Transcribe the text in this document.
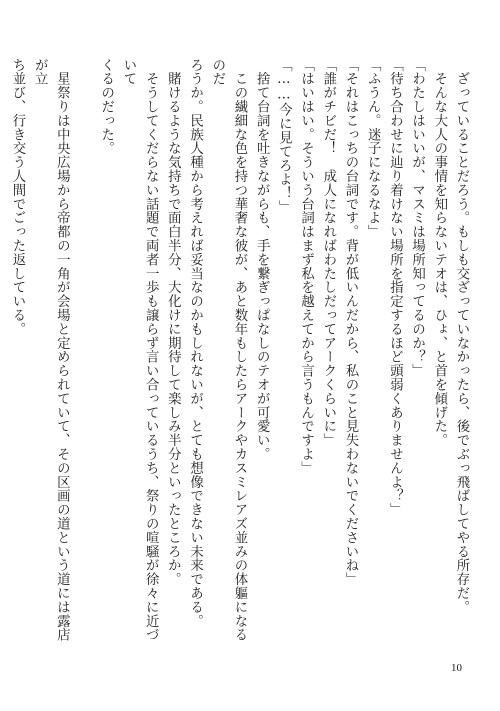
　ざっていることだろう。もしも交ざっていなかったら、後でぶっ飛ばしてやる所存だ。

　そんな大人の事情を知らないテオは、ひょ、と首を傾げた。

「わたしはいいが、マスミは場所知ってるのか？」

「待ち合わせに辿り着けない場所を指定するほど頭弱くありませんよ？」

「ふうん。迷子になるなよ」

「それはこっちの台詞です。背が低いんだから、私のこと見失わないでくださいね」

「誰がチビだ！　成人になればわたしだってアークくらいに」

「はいはい。そういう台詞はまず私を越えてから言うもんですよ」

「……今に見てろよ！」

　捨て台詞を吐きながらも、手を繋ぎっぱなしのテオが可愛い。

　この繊細な色を持つ華奢な彼が、あと数年もしたらアークやカスミレアズ並みの体軀になるのだ

ろうか。民族人種から考えれば妥当なのかもしれないが、とても想像できない未来である。

　賭けるような気持ちで面白半分、大化けに期待して楽しみ半分といったところか。

　そうしてくだらない話題で両者一歩も譲らず言い合っているうち、祭りの喧騒が徐々に近づいて

くるのだった。

　星祭りは中央広場から帝都の一角が会場と定められていて、その区画の道という道には露店が立

ち並び、行き交う人間でごった返している。

10
